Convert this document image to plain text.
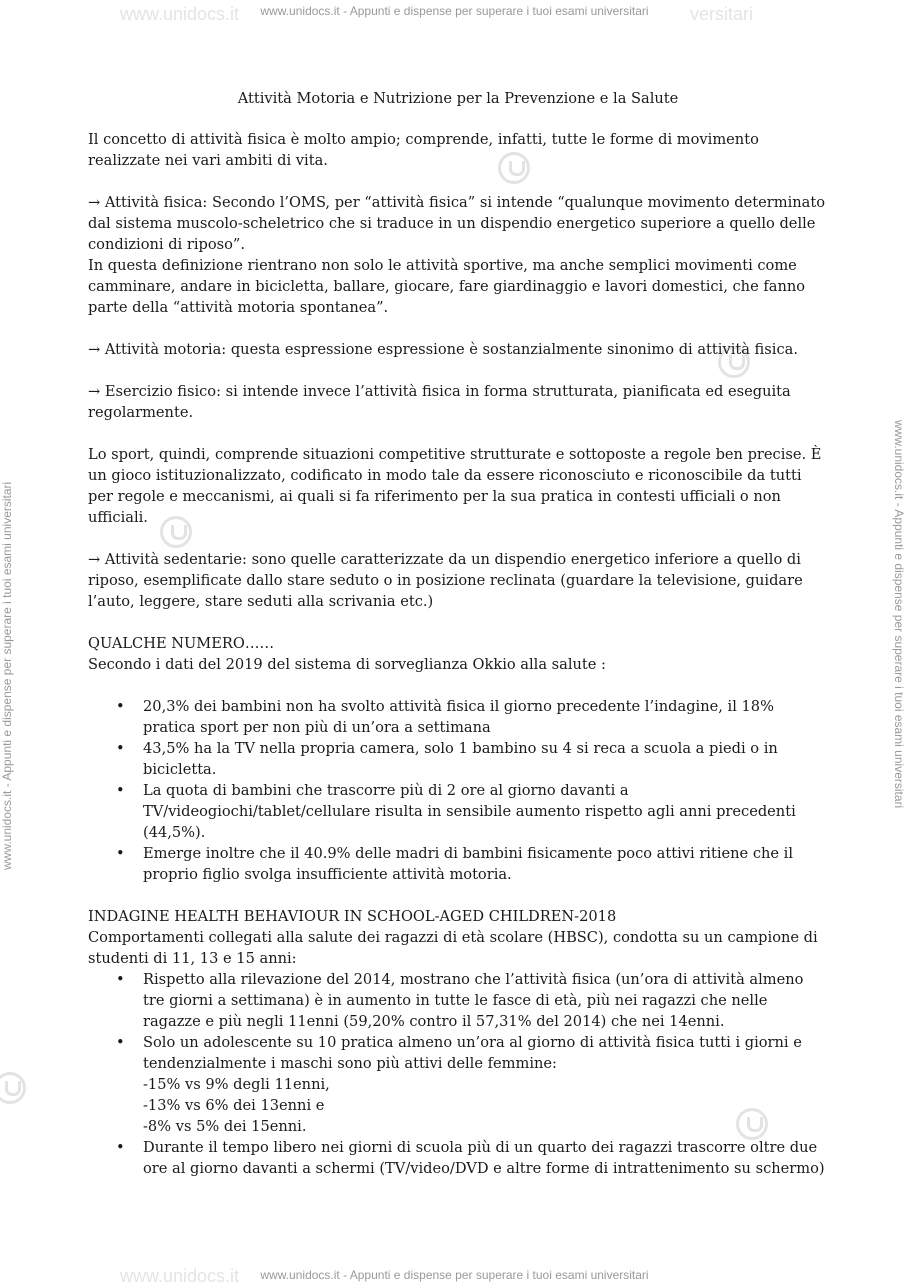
www.unidocs.it - Appunti e dispense per superare i tuoi esami universitari
www.unidocs.it - Appunti e dispense per superare i tuoi esami universitari
www.unidocs.it - Appunti e dispense per superare i tuoi esami universitari	www.unidocs.it - Appunti e dispense per superare i tuoi esami universitari
www.unidocs.it	versitari
www.unidocs.it
Attività Motoria e Nutrizione per la Prevenzione e la Salute

Il concetto di attività fisica è molto ampio; comprende, infatti, tutte le forme di movimento realizzate nei vari ambiti di vita.

→ Attività fisica: Secondo l’OMS, per “attività fisica” si intende “qualunque movimento determinato dal sistema muscolo-scheletrico che si traduce in un dispendio energetico superiore a quello delle condizioni di riposo”.

In questa definizione rientrano non solo le attività sportive, ma anche semplici movimenti come camminare, andare in bicicletta, ballare, giocare, fare giardinaggio e lavori domestici, che fanno parte della “attività motoria spontanea”.

→ Attività motoria: questa espressione espressione è sostanzialmente sinonimo di attività fisica.

→ Esercizio fisico: si intende invece l’attività fisica in forma strutturata, pianificata ed eseguita regolarmente.

Lo sport, quindi, comprende situazioni competitive strutturate e sottoposte a regole ben precise. È un gioco istituzionalizzato, codificato in modo tale da essere riconosciuto e riconoscibile da tutti per regole e meccanismi, ai quali si fa riferimento per la sua pratica in contesti ufficiali o non ufficiali.

→ Attività sedentarie: sono quelle caratterizzate da un dispendio energetico inferiore a quello di riposo, esemplificate dallo stare seduto o in posizione reclinata (guardare la televisione, guidare l’auto, leggere, stare seduti alla scrivania etc.)

QUALCHE NUMERO……

Secondo i dati del 2019 del sistema di sorveglianza Okkio alla salute :

• 20,3% dei bambini non ha svolto attività fisica il giorno precedente l’indagine, il 18% pratica sport per non più di un’ora a settimana
• 43,5% ha la TV nella propria camera, solo 1 bambino su 4 si reca a scuola a piedi o in bicicletta.
• La quota di bambini che trascorre più di 2 ore al giorno davanti a TV/videogiochi/tablet/cellulare risulta in sensibile aumento rispetto agli anni precedenti (44,5%).
• Emerge inoltre che il 40.9% delle madri di bambini fisicamente poco attivi ritiene che il proprio figlio svolga insufficiente attività motoria.
INDAGINE HEALTH BEHAVIOUR IN SCHOOL-AGED CHILDREN-2018

Comportamenti collegati alla salute dei ragazzi di età scolare (HBSC), condotta su un campione di studenti di 11, 13 e 15 anni:

• Rispetto alla rilevazione del 2014, mostrano che l’attività fisica (un’ora di attività almeno tre giorni a settimana) è in aumento in tutte le fasce di età, più nei ragazzi che nelle ragazze e più negli 11enni (59,20% contro il 57,31% del 2014) che nei 14enni.
• Solo un adolescente su 10 pratica almeno un’ora al giorno di attività fisica tutti i giorni e tendenzialmente i maschi sono più attivi delle femmine:
-15% vs 9% degli 11enni,
-13% vs 6% dei 13enni e
-8% vs 5% dei 15enni.
• Durante il tempo libero nei giorni di scuola più di un quarto dei ragazzi trascorre oltre due ore al giorno davanti a schermi (TV/video/DVD e altre forme di intrattenimento su schermo)
